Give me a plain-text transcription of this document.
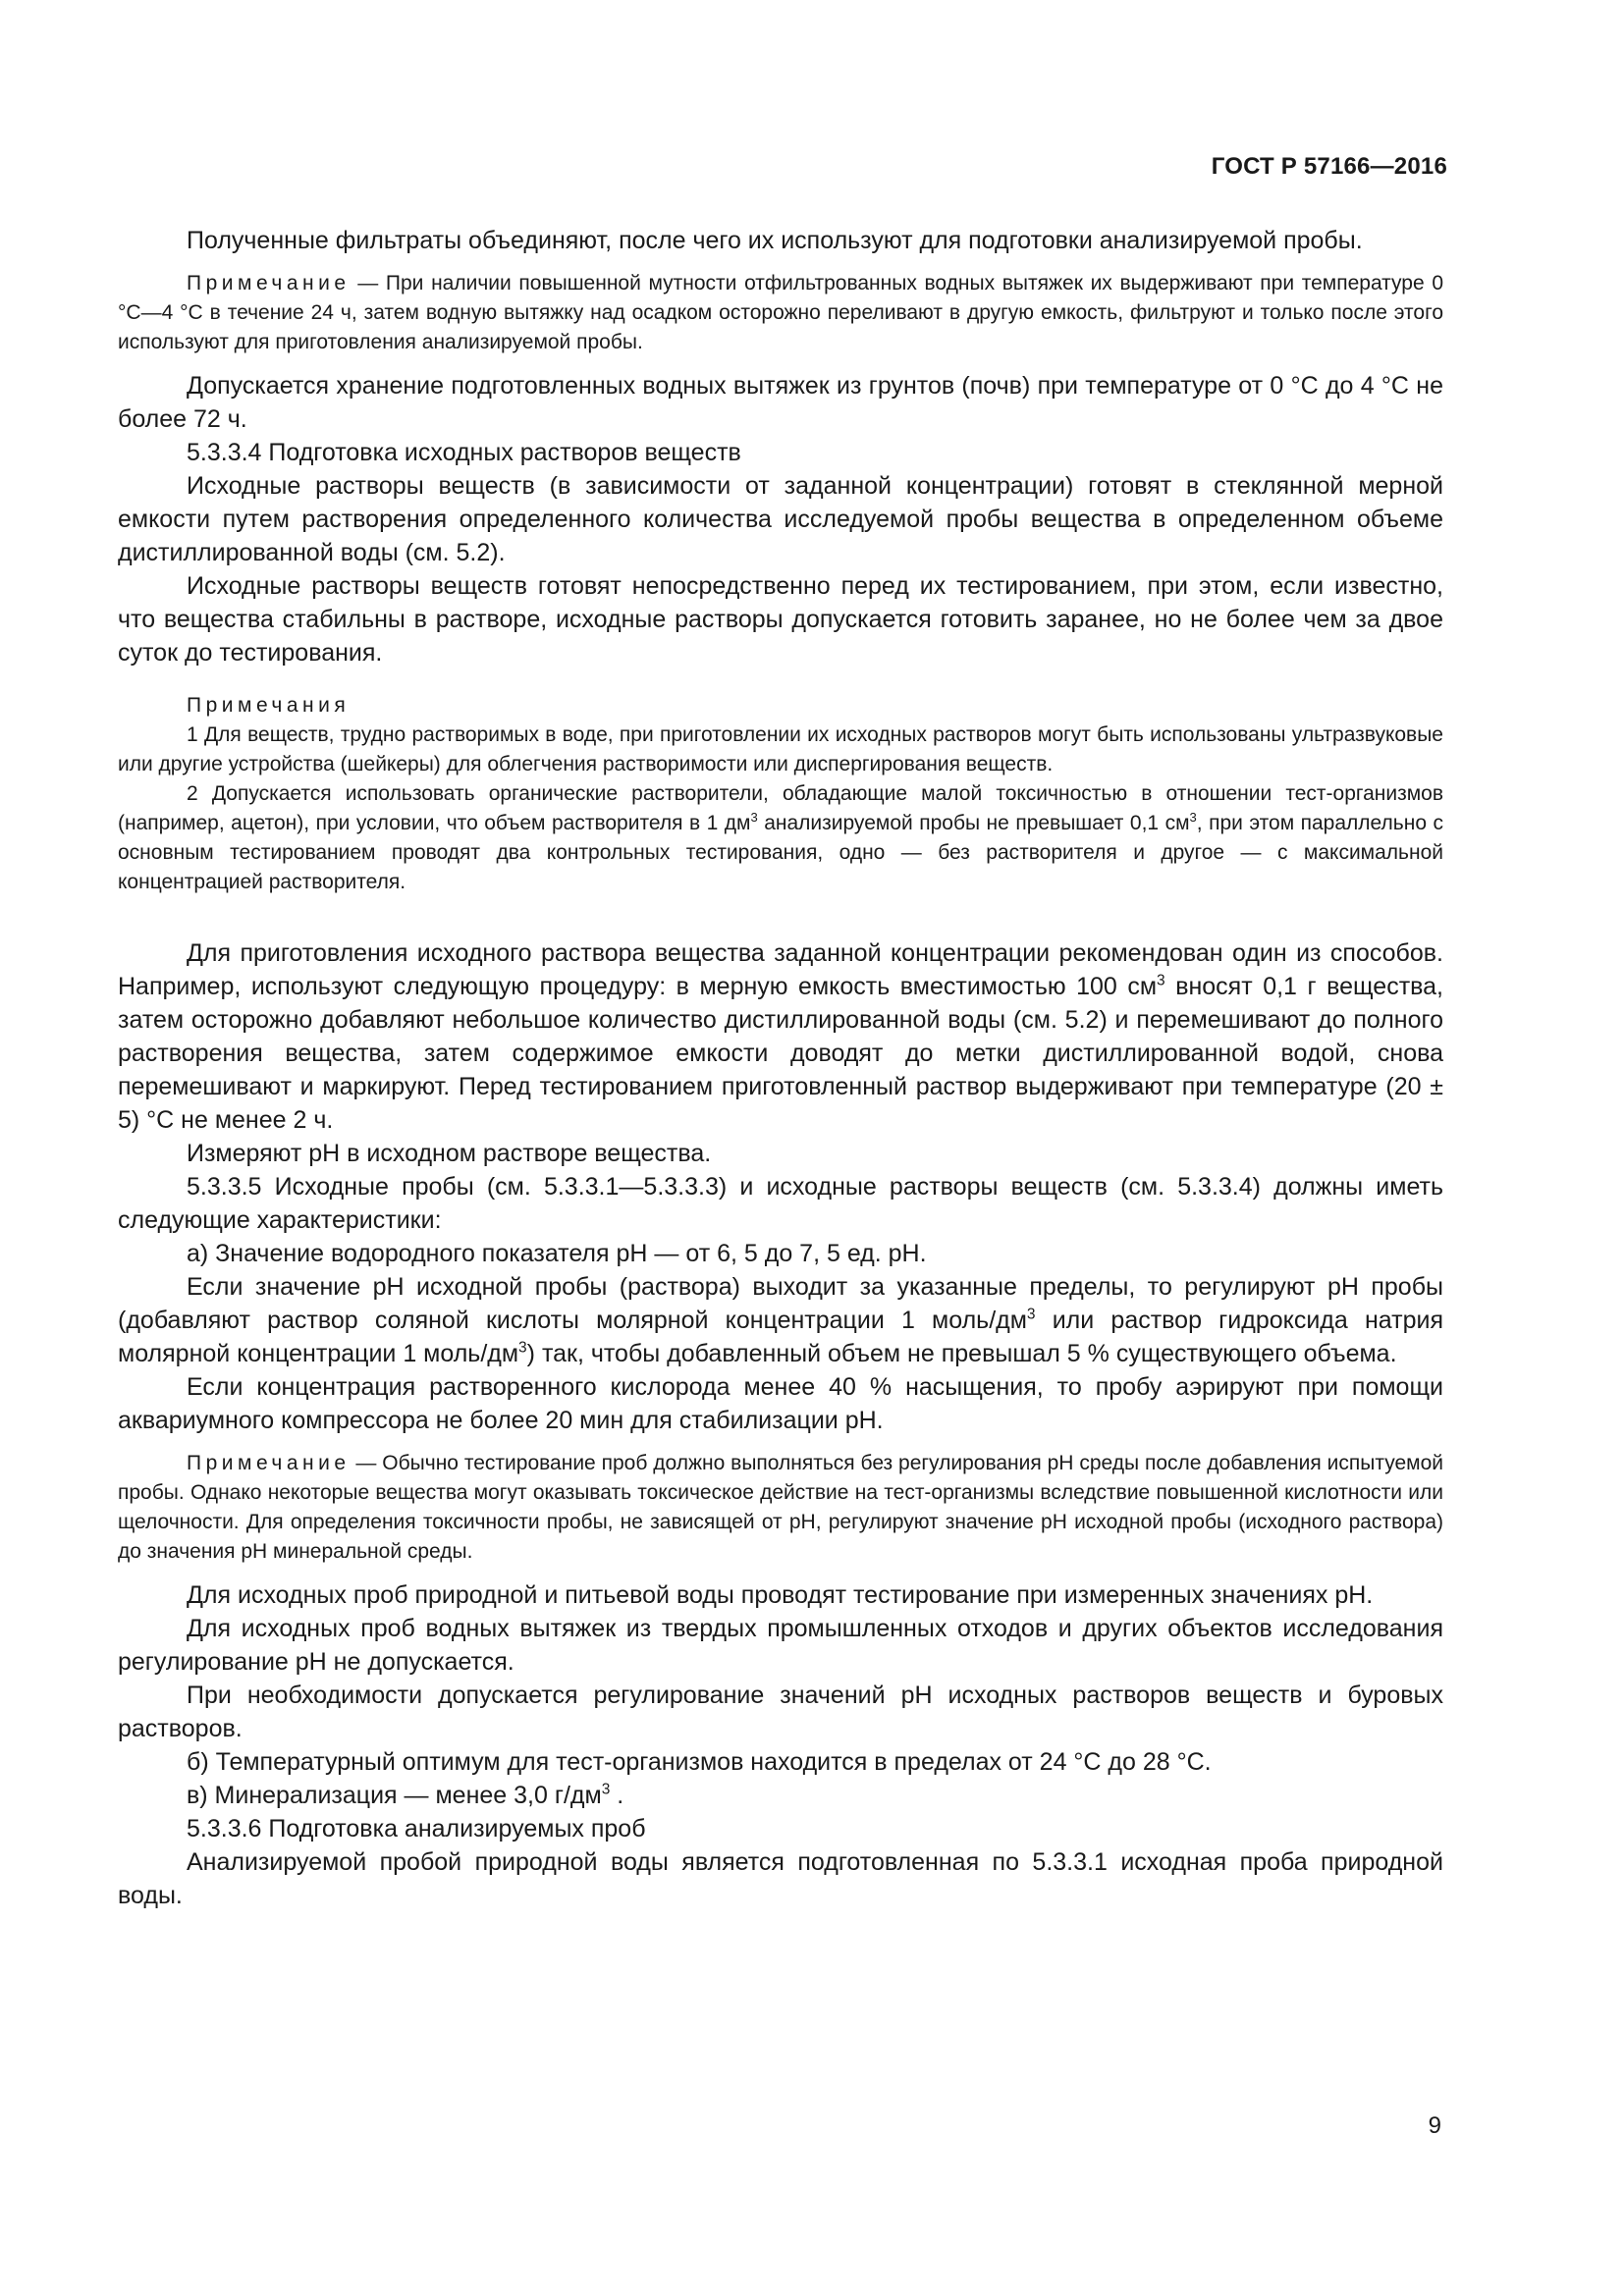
ГОСТ Р 57166—2016

Полученные фильтраты объединяют, после чего их используют для подготовки анализируемой пробы.

Примечание — При наличии повышенной мутности отфильтрованных водных вытяжек их выдерживают при температуре 0 °С—4 °С в течение 24 ч, затем водную вытяжку над осадком осторожно переливают в другую емкость, фильтруют и только после этого используют для приготовления анализируемой пробы.

Допускается хранение подготовленных водных вытяжек из грунтов (почв) при температуре от 0 °С до 4 °С не более 72 ч.

5.3.3.4 Подготовка исходных растворов веществ

Исходные растворы веществ (в зависимости от заданной концентрации) готовят в стеклянной мерной емкости путем растворения определенного количества исследуемой пробы вещества в определенном объеме дистиллированной воды (см. 5.2).

Исходные растворы веществ готовят непосредственно перед их тестированием, при этом, если известно, что вещества стабильны в растворе, исходные растворы допускается готовить заранее, но не более чем за двое суток до тестирования.

Примечания

1 Для веществ, трудно растворимых в воде, при приготовлении их исходных растворов могут быть использованы ультразвуковые или другие устройства (шейкеры) для облегчения растворимости или диспергирования веществ.

2 Допускается использовать органические растворители, обладающие малой токсичностью в отношении тест-организмов (например, ацетон), при условии, что объем растворителя в 1 $дм^3$ анализируемой пробы не превышает 0,1 $см^3$, при этом параллельно с основным тестированием проводят два контрольных тестирования, одно — без растворителя и другое — с максимальной концентрацией растворителя.

Для приготовления исходного раствора вещества заданной концентрации рекомендован один из способов. Например, используют следующую процедуру: в мерную емкость вместимостью 100 $см^3$ вносят 0,1 г вещества, затем осторожно добавляют небольшое количество дистиллированной воды (см. 5.2) и перемешивают до полного растворения вещества, затем содержимое емкости доводят до метки дистиллированной водой, снова перемешивают и маркируют. Перед тестированием приготовленный раствор выдерживают при температуре (20 ± 5) °С не менее 2 ч.

Измеряют рН в исходном растворе вещества.

5.3.3.5 Исходные пробы (см. 5.3.3.1—5.3.3.3) и исходные растворы веществ (см. 5.3.3.4) должны иметь следующие характеристики:

а) Значение водородного показателя рН — от 6, 5 до 7, 5 ед. рН.

Если значение рН исходной пробы (раствора) выходит за указанные пределы, то регулируют рН пробы (добавляют раствор соляной кислоты молярной концентрации 1 моль/$дм^3$ или раствор гидроксида натрия молярной концентрации 1 моль/$дм^3$) так, чтобы добавленный объем не превышал 5 % существующего объема.

Если концентрация растворенного кислорода менее 40 % насыщения, то пробу аэрируют при помощи аквариумного компрессора не более 20 мин для стабилизации рН.

Примечание — Обычно тестирование проб должно выполняться без регулирования рН среды после добавления испытуемой пробы. Однако некоторые вещества могут оказывать токсическое действие на тест-организмы вследствие повышенной кислотности или щелочности. Для определения токсичности пробы, не зависящей от рН, регулируют значение рН исходной пробы (исходного раствора) до значения рН минеральной среды.

Для исходных проб природной и питьевой воды проводят тестирование при измеренных значениях рН.

Для исходных проб водных вытяжек из твердых промышленных отходов и других объектов исследования регулирование рН не допускается.

При необходимости допускается регулирование значений рН исходных растворов веществ и буровых растворов.

б) Температурный оптимум для тест-организмов находится в пределах от 24 °С до 28 °С.

в) Минерализация — менее 3,0 $г/дм^3$ .

5.3.3.6 Подготовка анализируемых проб

Анализируемой пробой природной воды является подготовленная по 5.3.3.1 исходная проба природной воды.

9
